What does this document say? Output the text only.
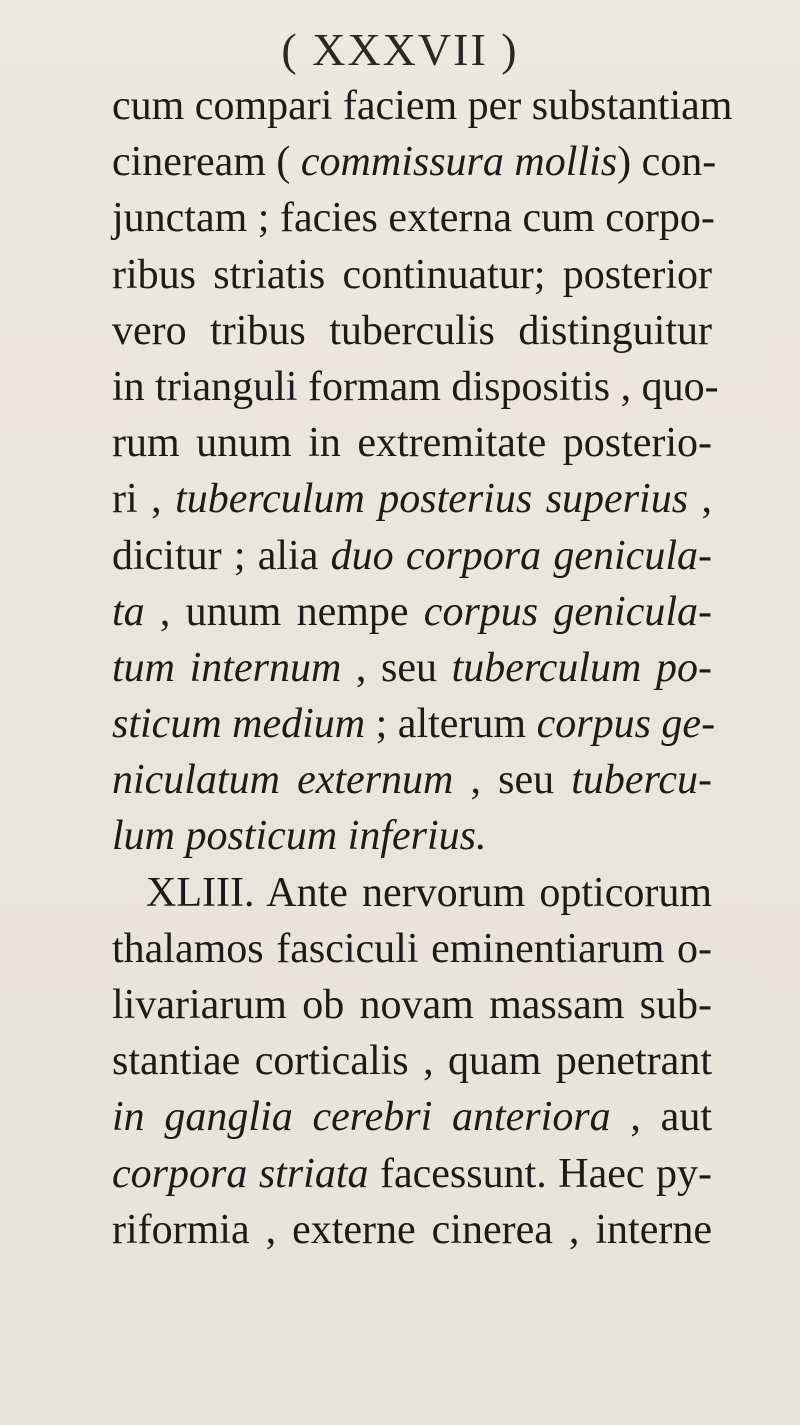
( XXXVII )
cum compari faciem per substantiam
cineream ( commissura mollis) con-
junctam ; facies externa cum corpo-
ribus striatis continuatur; posterior
vero tribus tuberculis distinguitur
in trianguli formam dispositis , quo-
rum unum in extremitate posterio-
ri , tuberculum posterius superius ,
dicitur ; alia duo corpora genicula-
ta , unum nempe corpus geniculа-
tum internum , seu tuberculum po-
sticum medium ; alterum corpus ge-
niculatum externum , seu tubercu-
lum posticum inferius.
XLIII. Ante nervorum opticorum
thalamos fasciculi eminentiarum o-
livariarum ob novam massam sub-
stantiae corticalis , quam penetrant
in ganglia cerebri anteriora , aut
corpora striata facessunt. Haec py-
riformia , externe cinerea , interne
